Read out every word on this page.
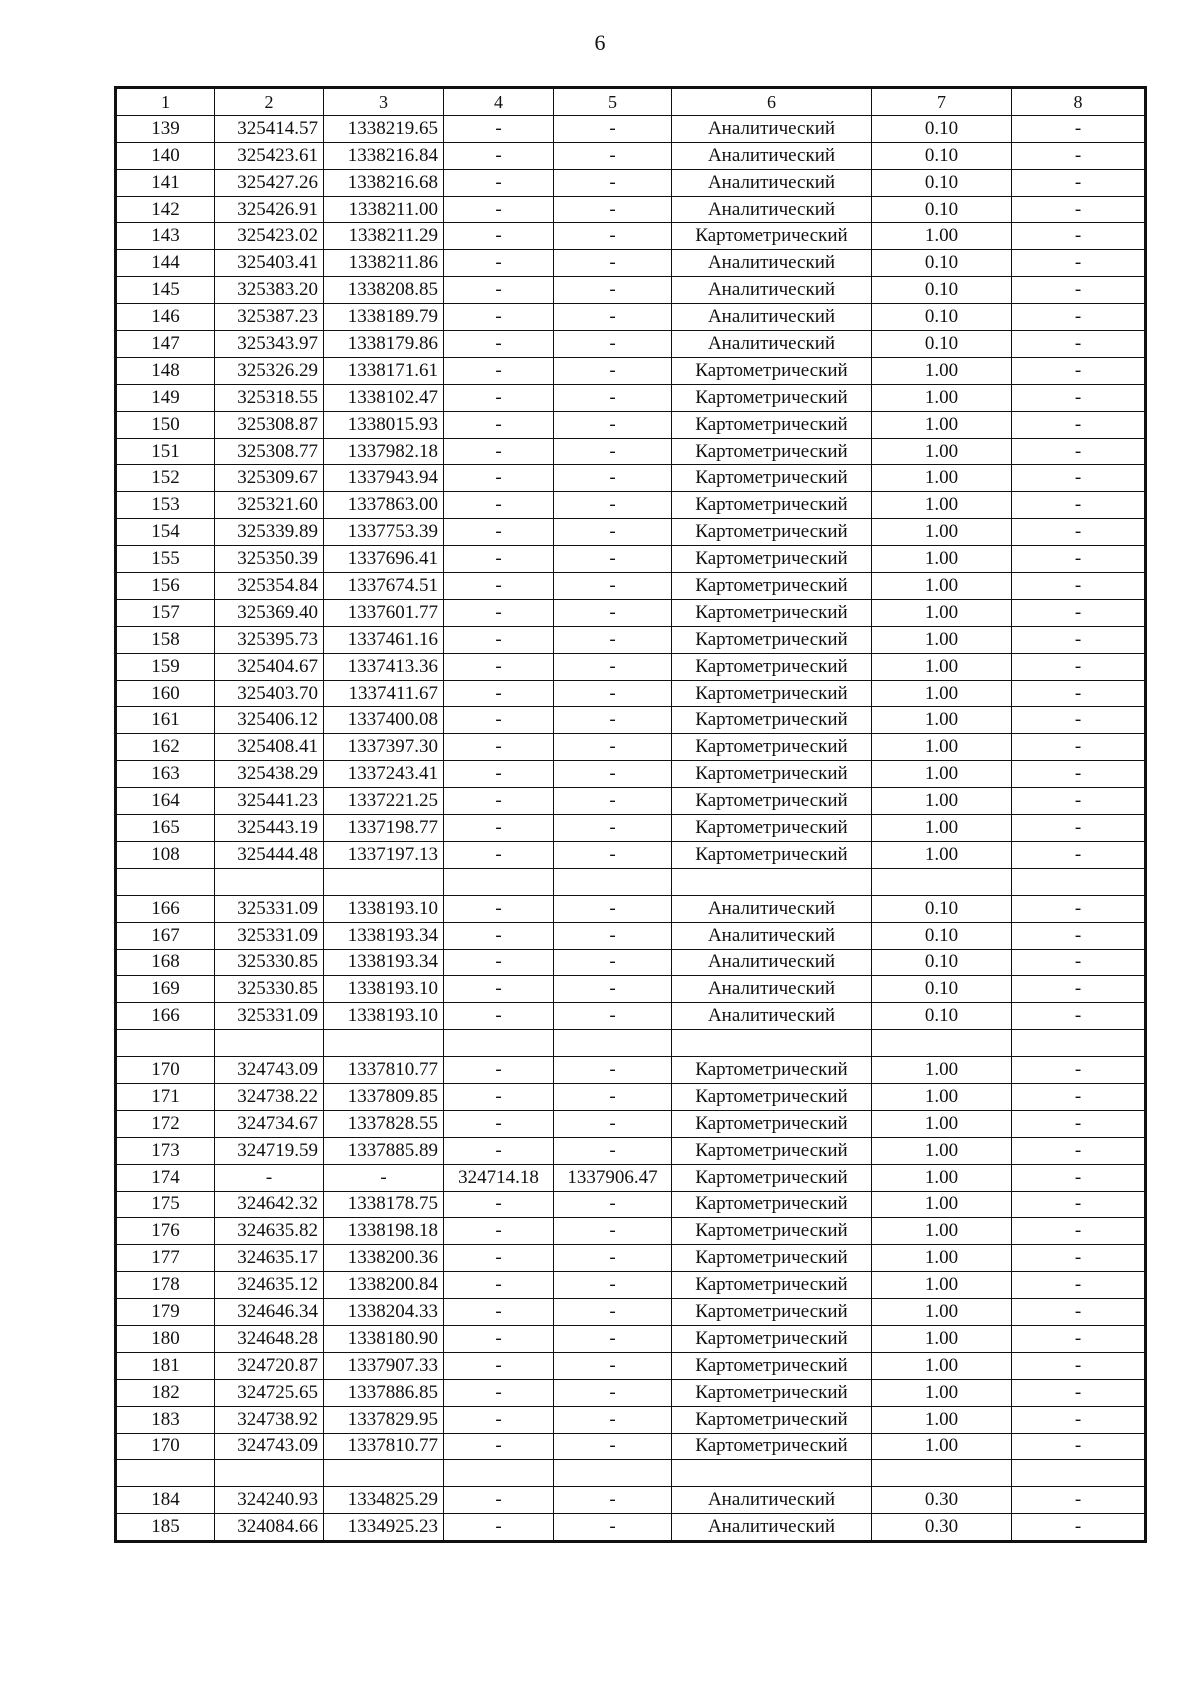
6
1	2	3	4	5	6	7	8
139	325414.57	1338219.65	-	-	Аналитический	0.10	-
140	325423.61	1338216.84	-	-	Аналитический	0.10	-
141	325427.26	1338216.68	-	-	Аналитический	0.10	-
142	325426.91	1338211.00	-	-	Аналитический	0.10	-
143	325423.02	1338211.29	-	-	Картометрический	1.00	-
144	325403.41	1338211.86	-	-	Аналитический	0.10	-
145	325383.20	1338208.85	-	-	Аналитический	0.10	-
146	325387.23	1338189.79	-	-	Аналитический	0.10	-
147	325343.97	1338179.86	-	-	Аналитический	0.10	-
148	325326.29	1338171.61	-	-	Картометрический	1.00	-
149	325318.55	1338102.47	-	-	Картометрический	1.00	-
150	325308.87	1338015.93	-	-	Картометрический	1.00	-
151	325308.77	1337982.18	-	-	Картометрический	1.00	-
152	325309.67	1337943.94	-	-	Картометрический	1.00	-
153	325321.60	1337863.00	-	-	Картометрический	1.00	-
154	325339.89	1337753.39	-	-	Картометрический	1.00	-
155	325350.39	1337696.41	-	-	Картометрический	1.00	-
156	325354.84	1337674.51	-	-	Картометрический	1.00	-
157	325369.40	1337601.77	-	-	Картометрический	1.00	-
158	325395.73	1337461.16	-	-	Картометрический	1.00	-
159	325404.67	1337413.36	-	-	Картометрический	1.00	-
160	325403.70	1337411.67	-	-	Картометрический	1.00	-
161	325406.12	1337400.08	-	-	Картометрический	1.00	-
162	325408.41	1337397.30	-	-	Картометрический	1.00	-
163	325438.29	1337243.41	-	-	Картометрический	1.00	-
164	325441.23	1337221.25	-	-	Картометрический	1.00	-
165	325443.19	1337198.77	-	-	Картометрический	1.00	-
108	325444.48	1337197.13	-	-	Картометрический	1.00	-

166	325331.09	1338193.10	-	-	Аналитический	0.10	-
167	325331.09	1338193.34	-	-	Аналитический	0.10	-
168	325330.85	1338193.34	-	-	Аналитический	0.10	-
169	325330.85	1338193.10	-	-	Аналитический	0.10	-
166	325331.09	1338193.10	-	-	Аналитический	0.10	-

170	324743.09	1337810.77	-	-	Картометрический	1.00	-
171	324738.22	1337809.85	-	-	Картометрический	1.00	-
172	324734.67	1337828.55	-	-	Картометрический	1.00	-
173	324719.59	1337885.89	-	-	Картометрический	1.00	-
174	-	-	324714.18	1337906.47	Картометрический	1.00	-
175	324642.32	1338178.75	-	-	Картометрический	1.00	-
176	324635.82	1338198.18	-	-	Картометрический	1.00	-
177	324635.17	1338200.36	-	-	Картометрический	1.00	-
178	324635.12	1338200.84	-	-	Картометрический	1.00	-
179	324646.34	1338204.33	-	-	Картометрический	1.00	-
180	324648.28	1338180.90	-	-	Картометрический	1.00	-
181	324720.87	1337907.33	-	-	Картометрический	1.00	-
182	324725.65	1337886.85	-	-	Картометрический	1.00	-
183	324738.92	1337829.95	-	-	Картометрический	1.00	-
170	324743.09	1337810.77	-	-	Картометрический	1.00	-

184	324240.93	1334825.29	-	-	Аналитический	0.30	-
185	324084.66	1334925.23	-	-	Аналитический	0.30	-
